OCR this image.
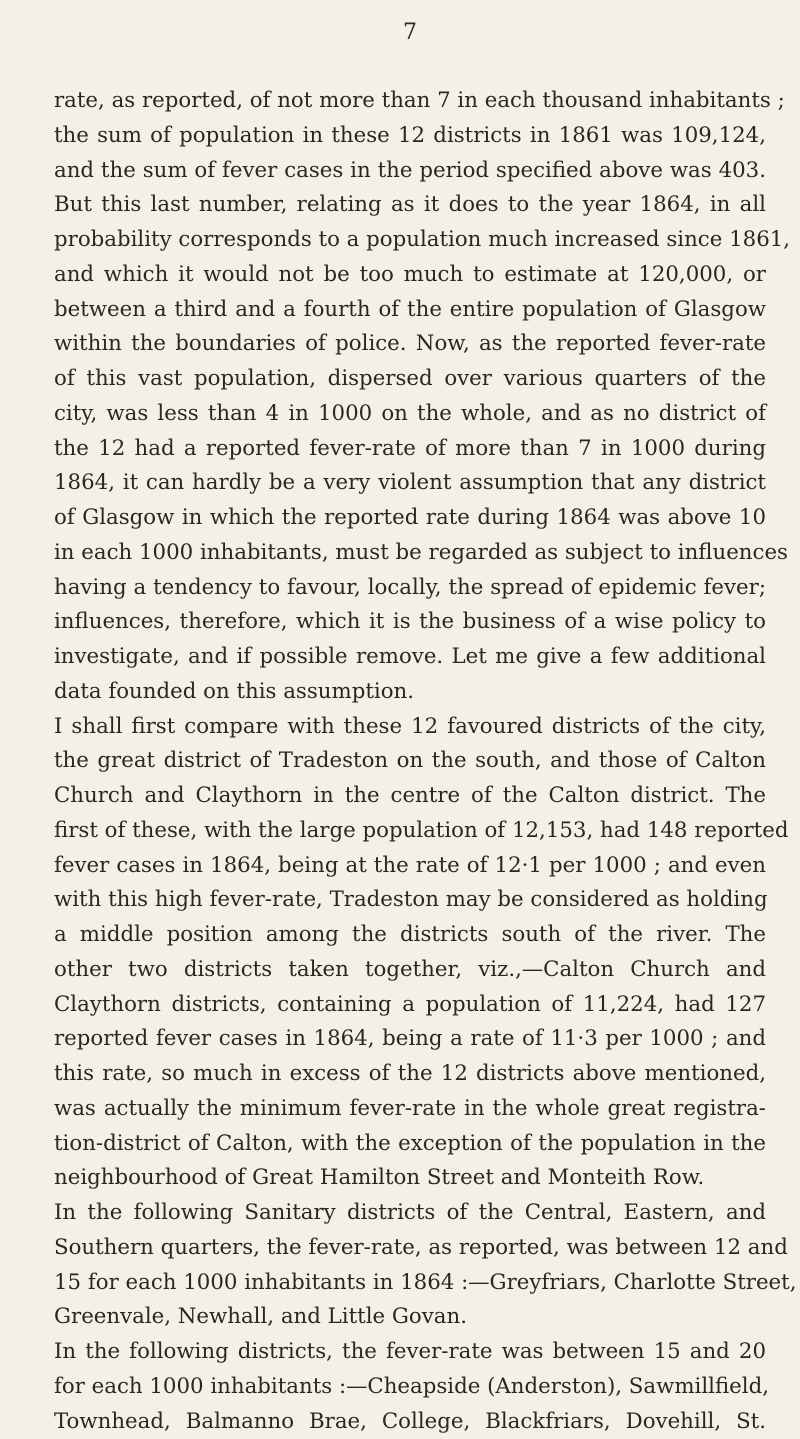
7
rate, as reported, of not more than 7 in each thousand inhabitants ;
the sum of population in these 12 districts in 1861 was 109,124,
and the sum of fever cases in the period specified above was 403.
But this last number, relating as it does to the year 1864, in all
probability corresponds to a population much increased since 1861,
and which it would not be too much to estimate at 120,000, or
between a third and a fourth of the entire population of Glasgow
within the boundaries of police. Now, as the reported fever-rate
of this vast population, dispersed over various quarters of the
city, was less than 4 in 1000 on the whole, and as no district of
the 12 had a reported fever-rate of more than 7 in 1000 during
1864, it can hardly be a very violent assumption that any district
of Glasgow in which the reported rate during 1864 was above 10
in each 1000 inhabitants, must be regarded as subject to influences
having a tendency to favour, locally, the spread of epidemic fever;
influences, therefore, which it is the business of a wise policy to
investigate, and if possible remove. Let me give a few additional
data founded on this assumption.
I shall first compare with these 12 favoured districts of the city,
the great district of Tradeston on the south, and those of Calton
Church and Claythorn in the centre of the Calton district. The
first of these, with the large population of 12,153, had 148 reported
fever cases in 1864, being at the rate of 12·1 per 1000 ; and even
with this high fever-rate, Tradeston may be considered as holding
a middle position among the districts south of the river. The
other two districts taken together, viz.,—Calton Church and
Claythorn districts, containing a population of 11,224, had 127
reported fever cases in 1864, being a rate of 11·3 per 1000 ; and
this rate, so much in excess of the 12 districts above mentioned,
was actually the minimum fever-rate in the whole great registra-
tion-district of Calton, with the exception of the population in the
neighbourhood of Great Hamilton Street and Monteith Row.
In the following Sanitary districts of the Central, Eastern, and
Southern quarters, the fever-rate, as reported, was between 12 and
15 for each 1000 inhabitants in 1864 :—Greyfriars, Charlotte Street,
Greenvale, Newhall, and Little Govan.
In the following districts, the fever-rate was between 15 and 20
for each 1000 inhabitants :—Cheapside (Anderston), Sawmillfield,
Townhead, Balmanno Brae, College, Blackfriars, Dovehill, St.
